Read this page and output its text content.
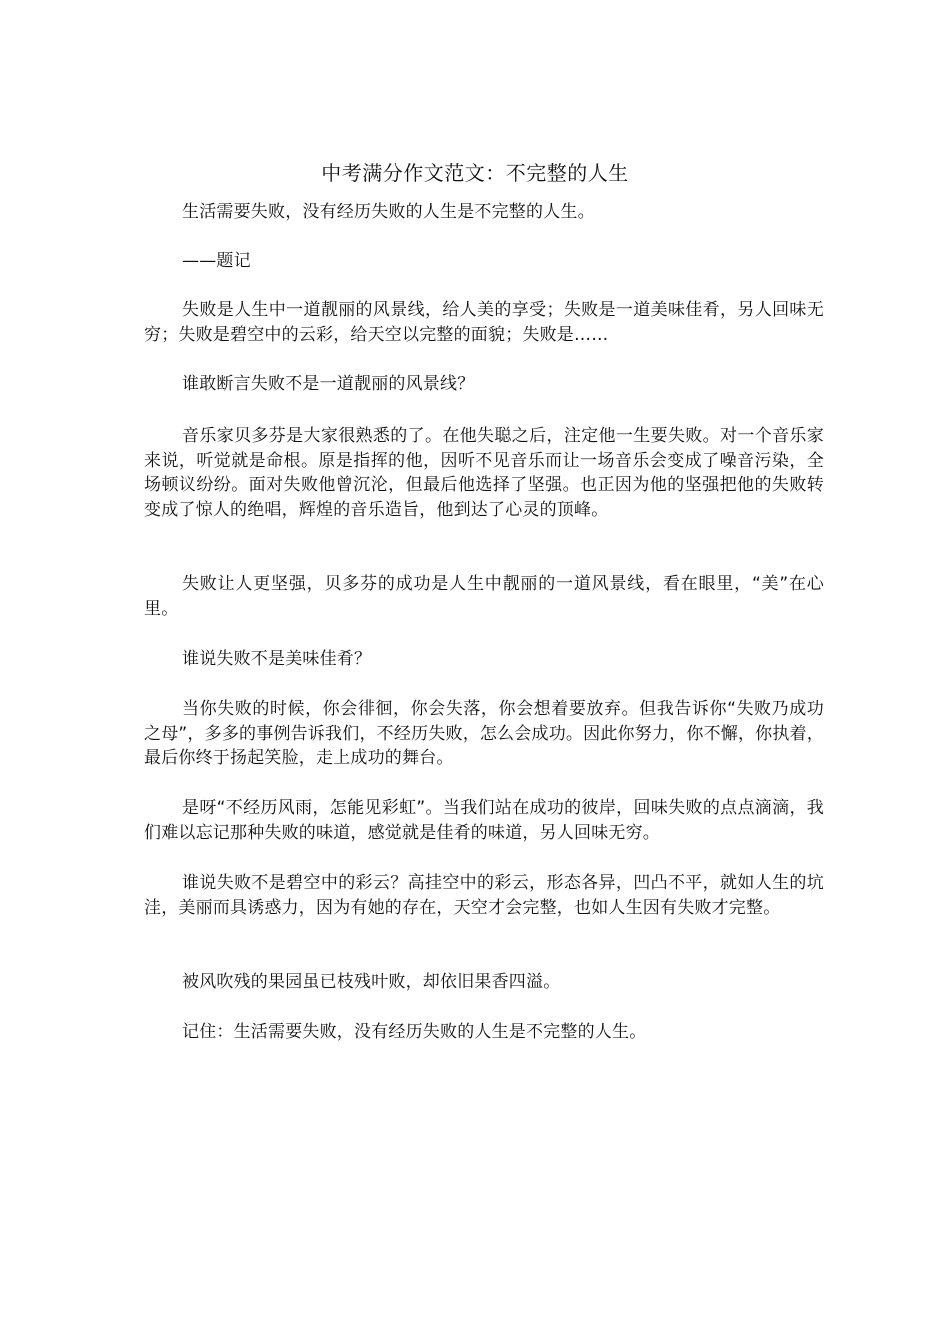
中考满分作文范文：不完整的人生

生活需要失败，没有经历失败的人生是不完整的人生。

——题记

失败是人生中一道靓丽的风景线，给人美的享受；失败是一道美味佳肴，另人回味无穷；失败是碧空中的云彩，给天空以完整的面貌；失败是……

谁敢断言失败不是一道靓丽的风景线？

音乐家贝多芬是大家很熟悉的了。在他失聪之后，注定他一生要失败。对一个音乐家来说，听觉就是命根。原是指挥的他，因听不见音乐而让一场音乐会变成了噪音污染，全场顿议纷纷。面对失败他曾沉沦，但最后他选择了坚强。也正因为他的坚强把他的失败转变成了惊人的绝唱，辉煌的音乐造旨，他到达了心灵的顶峰。

失败让人更坚强，贝多芬的成功是人生中靓丽的一道风景线，看在眼里，“美”在心里。

谁说失败不是美味佳肴？

当你失败的时候，你会徘徊，你会失落，你会想着要放弃。但我告诉你“失败乃成功之母”，多多的事例告诉我们，不经历失败，怎么会成功。因此你努力，你不懈，你执着，最后你终于扬起笑脸，走上成功的舞台。

是呀“不经历风雨，怎能见彩虹”。当我们站在成功的彼岸，回味失败的点点滴滴，我们难以忘记那种失败的味道，感觉就是佳肴的味道，另人回味无穷。

谁说失败不是碧空中的彩云？高挂空中的彩云，形态各异，凹凸不平，就如人生的坑洼，美丽而具诱惑力，因为有她的存在，天空才会完整，也如人生因有失败才完整。

被风吹残的果园虽已枝残叶败，却依旧果香四溢。

记住：生活需要失败，没有经历失败的人生是不完整的人生。
